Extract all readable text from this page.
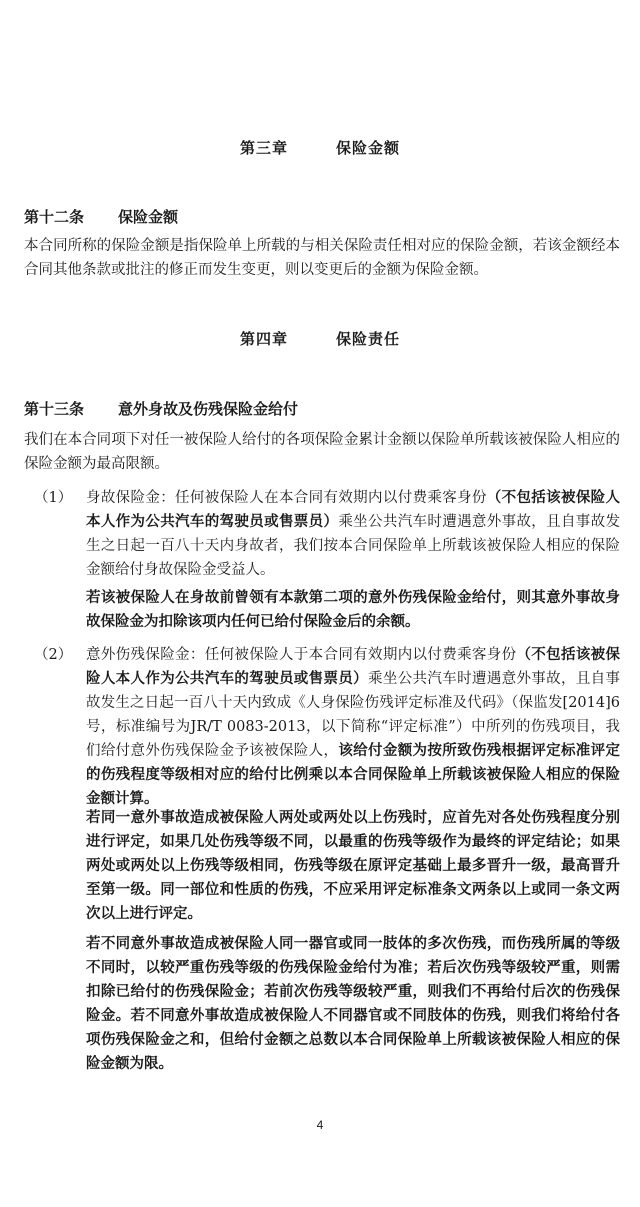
第三章	保险金额
第十二条 保险金额
本合同所称的保险金额是指保险单上所载的与相关保险责任相对应的保险金额，若该金额经本合同其他条款或批注的修正而发生变更，则以变更后的金额为保险金额。
第四章	保险责任
第十三条 意外身故及伤残保险金给付
我们在本合同项下对任一被保险人给付的各项保险金累计金额以保险单所载该被保险人相应的保险金额为最高限额。
（1） 身故保险金：任何被保险人在本合同有效期内以付费乘客身份（不包括该被保险人本人作为公共汽车的驾驶员或售票员）乘坐公共汽车时遭遇意外事故，且自事故发生之日起一百八十天内身故者，我们按本合同保险单上所载该被保险人相应的保险金额给付身故保险金受益人。
若该被保险人在身故前曾领有本款第二项的意外伤残保险金给付，则其意外事故身故保险金为扣除该项内任何已给付保险金后的余额。
（2） 意外伤残保险金：任何被保险人于本合同有效期内以付费乘客身份（不包括该被保险人本人作为公共汽车的驾驶员或售票员）乘坐公共汽车时遭遇意外事故，且自事故发生之日起一百八十天内致成《人身保险伤残评定标准及代码》（保监发[2014]6号，标准编号为JR/T 0083-2013，以下简称“评定标准”）中所列的伤残项目，我们给付意外伤残保险金予该被保险人，该给付金额为按所致伤残根据评定标准评定的伤残程度等级相对应的给付比例乘以本合同保险单上所载该被保险人相应的保险金额计算。
若同一意外事故造成被保险人两处或两处以上伤残时，应首先对各处伤残程度分别进行评定，如果几处伤残等级不同，以最重的伤残等级作为最终的评定结论；如果两处或两处以上伤残等级相同，伤残等级在原评定基础上最多晋升一级，最高晋升至第一级。同一部位和性质的伤残，不应采用评定标准条文两条以上或同一条文两次以上进行评定。
若不同意外事故造成被保险人同一器官或同一肢体的多次伤残，而伤残所属的等级不同时，以较严重伤残等级的伤残保险金给付为准；若后次伤残等级较严重，则需扣除已给付的伤残保险金；若前次伤残等级较严重，则我们不再给付后次的伤残保险金。若不同意外事故造成被保险人不同器官或不同肢体的伤残，则我们将给付各项伤残保险金之和，但给付金额之总数以本合同保险单上所载该被保险人相应的保险金额为限。
4
